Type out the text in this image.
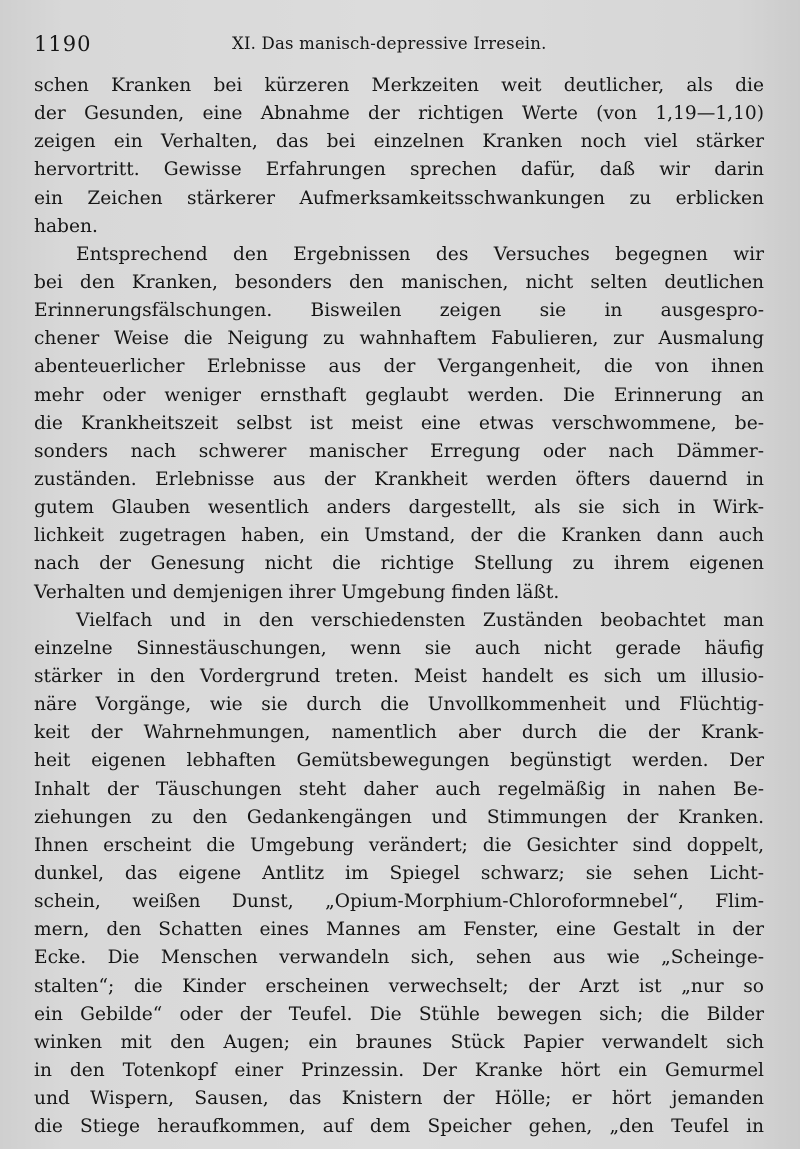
1190	XI. Das manisch-depressive Irresein.
schen Kranken bei kürzeren Merkzeiten weit deutlicher, als die
der Gesunden, eine Abnahme der richtigen Werte (von 1,19—1,10)
zeigen ein Verhalten, das bei einzelnen Kranken noch viel stärker
hervortritt. Gewisse Erfahrungen sprechen dafür, daß wir darin
ein Zeichen stärkerer Aufmerksamkeitsschwankungen zu erblicken
haben.
Entsprechend den Ergebnissen des Versuches begegnen wir
bei den Kranken, besonders den manischen, nicht selten deutlichen
Erinnerungsfälschungen. Bisweilen zeigen sie in ausgespro-
chener Weise die Neigung zu wahnhaftem Fabulieren, zur Ausmalung
abenteuerlicher Erlebnisse aus der Vergangenheit, die von ihnen
mehr oder weniger ernsthaft geglaubt werden. Die Erinnerung an
die Krankheitszeit selbst ist meist eine etwas verschwommene, be-
sonders nach schwerer manischer Erregung oder nach Dämmer-
zuständen. Erlebnisse aus der Krankheit werden öfters dauernd in
gutem Glauben wesentlich anders dargestellt, als sie sich in Wirk-
lichkeit zugetragen haben, ein Umstand, der die Kranken dann auch
nach der Genesung nicht die richtige Stellung zu ihrem eigenen
Verhalten und demjenigen ihrer Umgebung finden läßt.
Vielfach und in den verschiedensten Zuständen beobachtet man
einzelne Sinnestäuschungen, wenn sie auch nicht gerade häufig
stärker in den Vordergrund treten. Meist handelt es sich um illusio-
näre Vorgänge, wie sie durch die Unvollkommenheit und Flüchtig-
keit der Wahrnehmungen, namentlich aber durch die der Krank-
heit eigenen lebhaften Gemütsbewegungen begünstigt werden. Der
Inhalt der Täuschungen steht daher auch regelmäßig in nahen Be-
ziehungen zu den Gedankengängen und Stimmungen der Kranken.
Ihnen erscheint die Umgebung verändert; die Gesichter sind doppelt,
dunkel, das eigene Antlitz im Spiegel schwarz; sie sehen Licht-
schein, weißen Dunst, „Opium-Morphium-Chloroformnebel“, Flim-
mern, den Schatten eines Mannes am Fenster, eine Gestalt in der
Ecke. Die Menschen verwandeln sich, sehen aus wie „Scheinge-
stalten“; die Kinder erscheinen verwechselt; der Arzt ist „nur so
ein Gebilde“ oder der Teufel. Die Stühle bewegen sich; die Bilder
winken mit den Augen; ein braunes Stück Papier verwandelt sich
in den Totenkopf einer Prinzessin. Der Kranke hört ein Gemurmel
und Wispern, Sausen, das Knistern der Hölle; er hört jemanden
die Stiege heraufkommen, auf dem Speicher gehen, „den Teufel in
